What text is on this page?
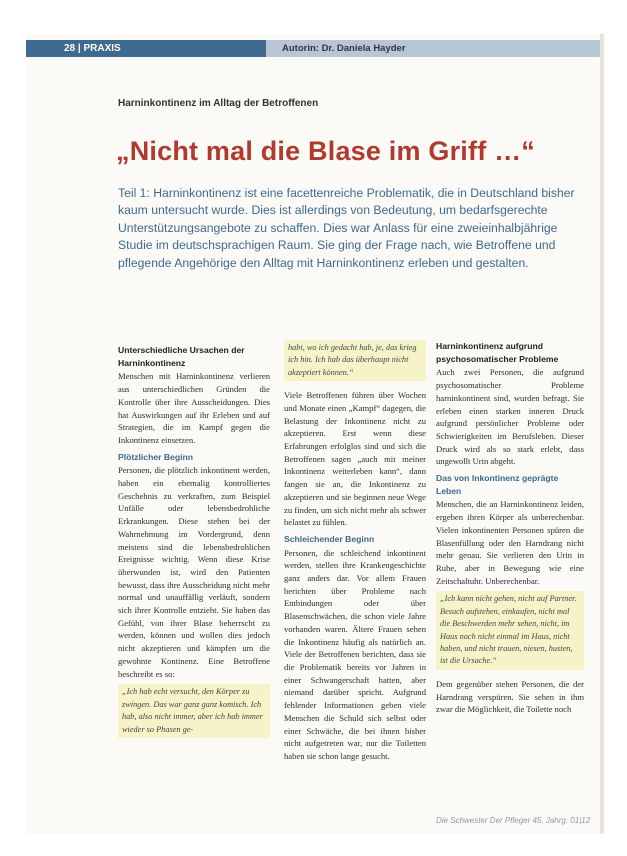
28 | PRAXIS	Autorin: Dr. Daniela Hayder
Harninkontinenz im Alltag der Betroffenen
„Nicht mal die Blase im Griff …“
Teil 1: Harninkontinenz ist eine facettenreiche Problematik, die in Deutschland bisher kaum untersucht wurde. Dies ist allerdings von Bedeutung, um bedarfsgerechte Unterstützungsangebote zu schaffen. Dies war Anlass für eine zweieinhalbjährige Studie im deutschsprachigen Raum. Sie ging der Frage nach, wie Betroffene und pflegende Angehörige den Alltag mit Harninkontinenz erleben und gestalten.
Unterschiedliche Ursachen der Harninkontinenz

Menschen mit Harninkontinenz verlieren aus unterschiedlichen Gründen die Kontrolle über ihre Ausscheidungen. Dies hat Auswirkungen auf ihr Erleben und auf Strategien, die im Kampf gegen die Inkontinenz einsetzen.

Plötzlicher Beginn

Personen, die plötzlich inkontinent werden, haben ein ehemalig kontrolliertes Geschehnis zu verkraften, zum Beispiel Unfälle oder lebensbedrohliche Erkrankungen. Diese stehen bei der Wahrnehmung im Vordergrund, denn meistens sind die lebensbedrohlichen Ereignisse wichtig. Wenn diese Krise überwunden ist, wird den Patienten bewusst, dass ihre Ausscheidung nicht mehr normal und unauffällig verläuft, sondern sich ihrer Kontrolle entzieht. Sie haben das Gefühl, von ihrer Blase beherrscht zu werden, können und wollen dies jedoch nicht akzeptieren und kämpfen um die gewohnte Kontinenz. Eine Betroffene beschreibt es so:

„Ich hab echt versucht, den Körper zu zwingen. Das war ganz ganz komisch. Ich hab, also nicht immer, aber ich hab immer wieder so Phasen ge-
habt, wo ich gedacht hab, je, das krieg ich hin. Ich hab das überhaupt nicht akzeptiert können.“

Viele Betroffenen führen über Wochen und Monate einen „Kampf“ dagegen, die Belastung der Inkontinenz nicht zu akzeptieren. Erst wenn diese Erfahrungen erfolglos sind und sich die Betroffenen sagen „auch mit meiner Inkontinenz weiterleben kann“, dann fangen sie an, die Inkontinenz zu akzeptieren und sie beginnen neue Wege zu finden, um sich nicht mehr als schwer belastet zu fühlen.

Schleichender Beginn

Personen, die schleichend inkontinent werden, stellen ihre Krankengeschichte ganz anders dar. Vor allem Frauen berichten über Probleme nach Entbindungen oder über Blasenschwächen, die schon viele Jahre vorhanden waren. Ältere Frauen sehen die Inkontinenz häufig als natürlich an. Viele der Betroffenen berichten, dass sie die Problematik bereits vor Jahren in einer Schwangerschaft hatten, aber niemand darüber spricht. Aufgrund fehlender Informationen geben viele Menschen die Schuld sich selbst oder einer Schwäche, die bei ihnen bisher nicht aufgetreten war, nur die Toiletten haben sie schon lange gesucht.

Harninkontinenz aufgrund psychosomatischer Probleme

Auch zwei Personen, die aufgrund psychosomatischer Probleme harninkontinent sind, wurden befragt. Sie erleben einen starken inneren Druck aufgrund persönlicher Probleme oder Schwierigkeiten im Berufsleben. Dieser Druck wird als so stark erlebt, dass ungewollt Urin abgeht.

Das von Inkontinenz geprägte Leben

Menschen, die an Harninkontinenz leiden, ergeben ihren Körper als unberechenbar. Vielen inkontinenten Personen spüren die Blasenfüllung oder den Harndrang nicht mehr genau. Sie verlieren den Urin in Ruhe, aber in Bewegung wie eine Zeitschaltuhr. Unberechenbar.

„Ich kann nicht gehen, nicht auf Partner. Besuch aufstehen, einkaufen, nicht mal die Beschwerden mehr sehen, nicht, im Haus noch nicht einmal im Haus, nicht haben, und nicht trauen, niesen, husten, ist die Ursache.“

Dem gegenüber stehen Personen, die der Harndrang verspüren. Sie sehen in ihm zwar die Möglichkeit, die Toilette noch

Die Schwester Der Pfleger 45. Jahrg. 01|12
